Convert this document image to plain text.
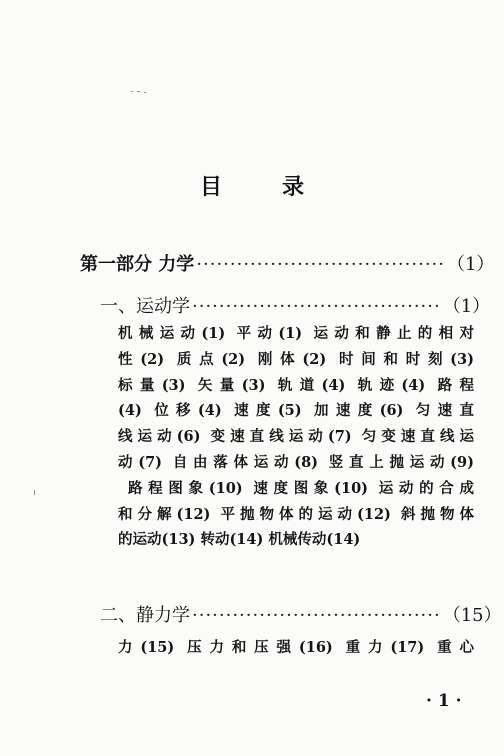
目	录
第一部分 力学 ····································· （1）
一、运动学 ····································· （1）
机械运动(1) 平动(1) 运动和静止的相对
性(2) 质点(2) 刚体(2) 时间和时刻(3)
标量(3) 矢量(3) 轨道(4) 轨迹(4) 路程
(4) 位移(4) 速度(5) 加速度(6) 匀速直
线运动(6) 变速直线运动(7) 匀变速直线运
动(7) 自由落体运动(8) 竖直上抛运动(9)
路程图象(10) 速度图象(10) 运动的合成
和分解(12) 平抛物体的运动(12) 斜抛物体
的运动(13) 转动(14) 机械传动(14)
二、静力学 ····································· （15）
力(15) 压力和压强(16) 重力(17) 重心
· 1 ·
